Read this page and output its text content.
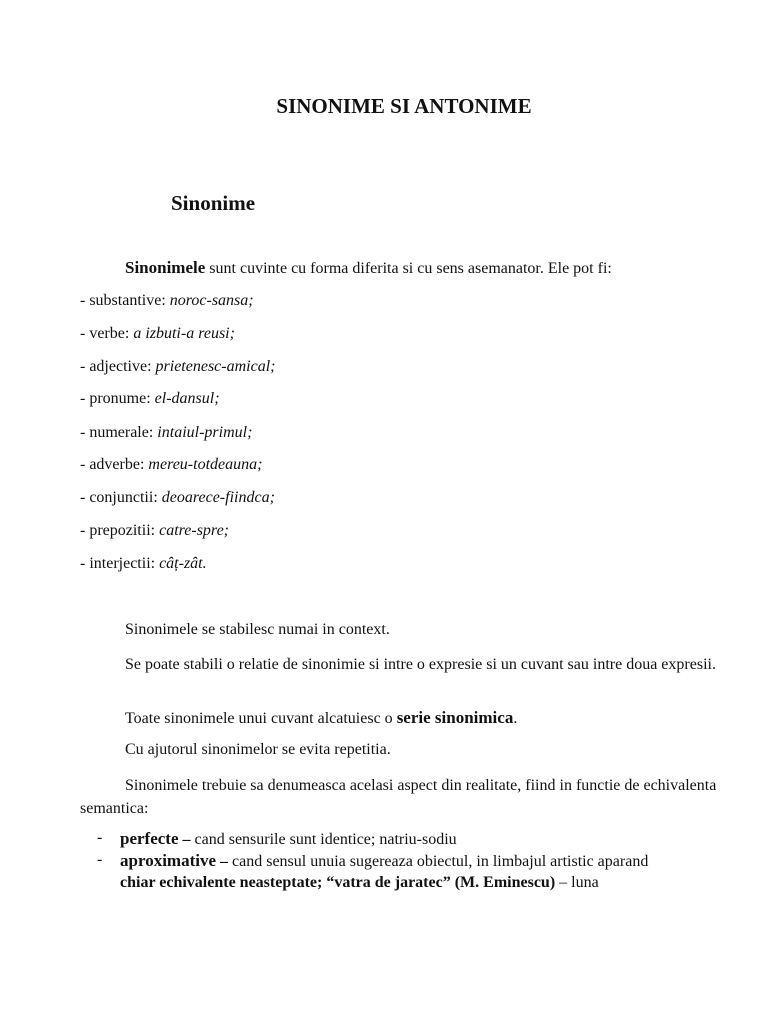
SINONIME SI ANTONIME
Sinonime
Sinonimele sunt cuvinte cu forma diferita si cu sens asemanator. Ele pot fi:
- substantive: noroc-sansa;
- verbe: a izbuti-a reusi;
- adjective: prietenesc-amical;
- pronume: el-dansul;
- numerale: intaiul-primul;
- adverbe: mereu-totdeauna;
- conjunctii: deoarece-fiindca;
- prepozitii: catre-spre;
- interjectii: câț-zât.
Sinonimele se stabilesc numai in context.
Se poate stabili o relatie de sinonimie si intre o expresie si un cuvant sau intre doua expresii.
Toate sinonimele unui cuvant alcatuiesc o serie sinonimica.
Cu ajutorul sinonimelor se evita repetitia.
Sinonimele trebuie sa denumeasca acelasi aspect din realitate, fiind in functie de echivalenta semantica:
- perfecte – cand sensurile sunt identice; natriu-sodiu
- aproximative – cand sensul unuia sugereaza obiectul, in limbajul artistic aparand
chiar echivalente neasteptate; “vatra de jaratec” (M. Eminescu) – luna
